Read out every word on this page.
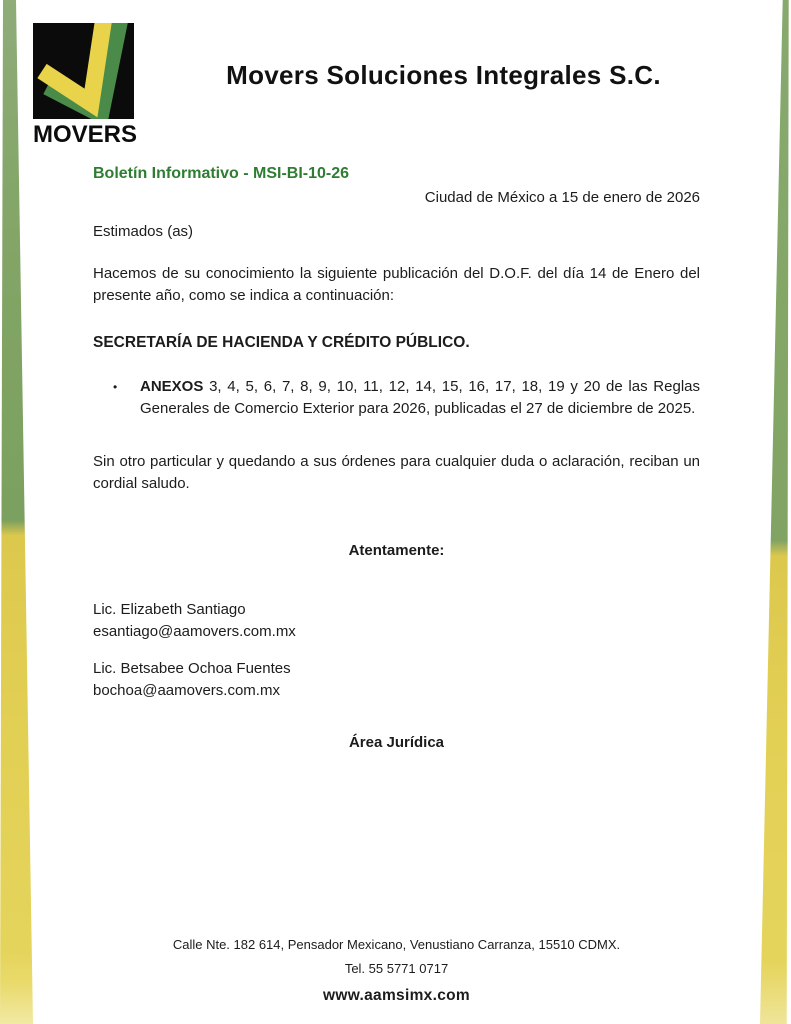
MOVERS
Movers Soluciones Integrales S.C.

Boletín Informativo - MSI-BI-10-26

Ciudad de México a 15 de enero de 2026

Estimados (as)

Hacemos de su conocimiento la siguiente publicación del D.O.F. del día 14 de Enero del presente año, como se indica a continuación:

SECRETARÍA DE HACIENDA Y CRÉDITO PÚBLICO.

•	ANEXOS 3, 4, 5, 6, 7, 8, 9, 10, 11, 12, 14, 15, 16, 17, 18, 19 y 20 de las Reglas Generales de Comercio Exterior para 2026, publicadas el 27 de diciembre de 2025.

Sin otro particular y quedando a sus órdenes para cualquier duda o aclaración, reciban un cordial saludo.

Atentamente:

Lic. Elizabeth Santiago

esantiago@aamovers.com.mx

Lic. Betsabee Ochoa Fuentes

bochoa@aamovers.com.mx

Área Jurídica

Calle Nte. 182 614, Pensador Mexicano, Venustiano Carranza, 15510 CDMX.

Tel. 55 5771 0717

www.aamsimx.com
